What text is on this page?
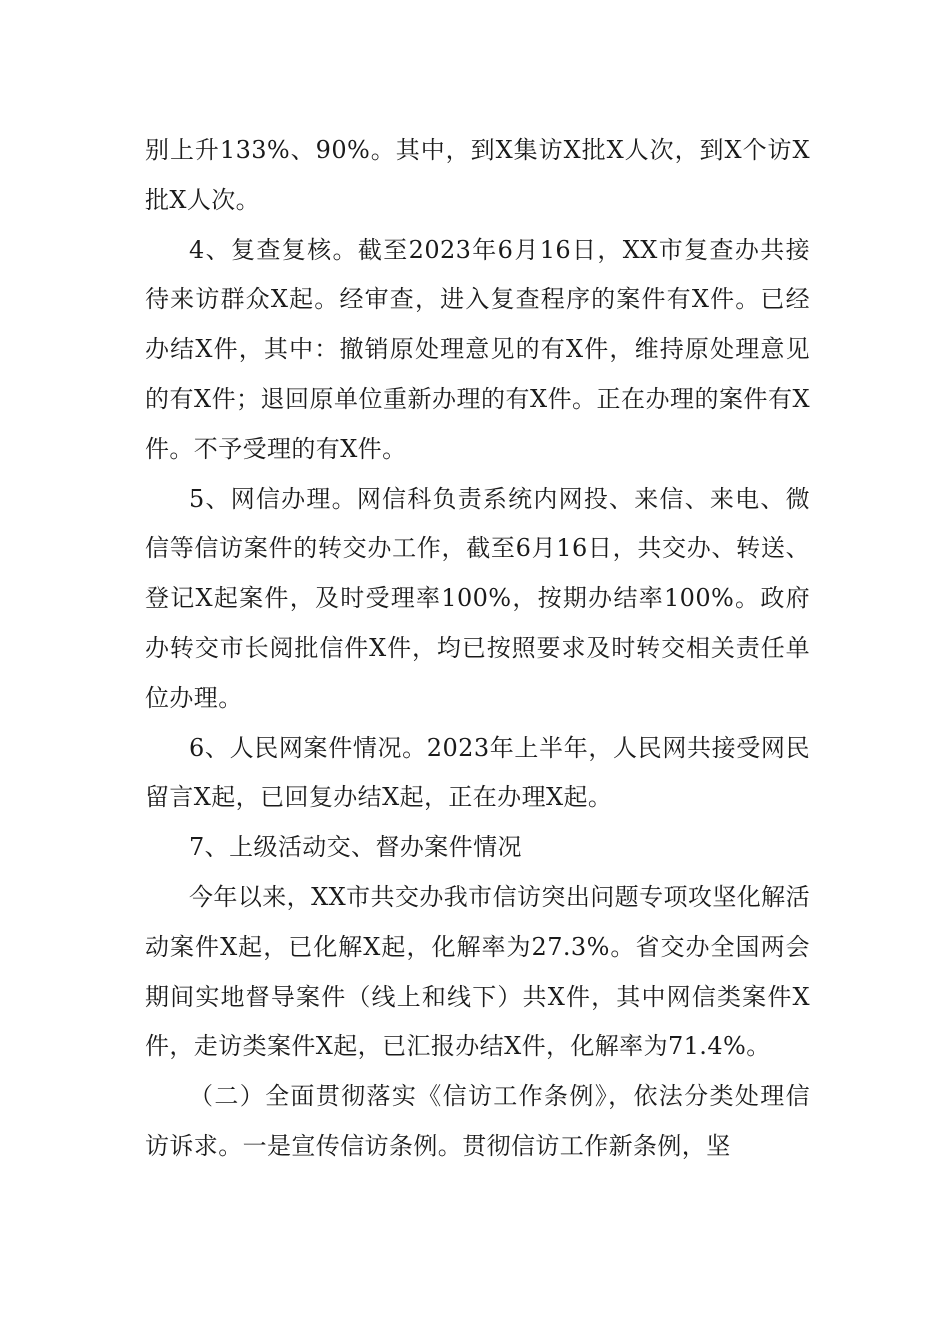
别上升133%、90%。其中，到X集访X批X人次，到X个访X批X人次。

4、复查复核。截至2023年6月16日，XX市复查办共接待来访群众X起。经审查，进入复查程序的案件有X件。已经办结X件，其中：撤销原处理意见的有X件，维持原处理意见的有X件；退回原单位重新办理的有X件。正在办理的案件有X件。不予受理的有X件。

5、网信办理。网信科负责系统内网投、来信、来电、微信等信访案件的转交办工作，截至6月16日，共交办、转送、登记X起案件，及时受理率100%，按期办结率100%。政府办转交市长阅批信件X件，均已按照要求及时转交相关责任单位办理。

6、人民网案件情况。2023年上半年，人民网共接受网民留言X起，已回复办结X起，正在办理X起。

7、上级活动交、督办案件情况

今年以来，XX市共交办我市信访突出问题专项攻坚化解活动案件X起，已化解X起，化解率为27.3%。省交办全国两会期间实地督导案件（线上和线下）共X件，其中网信类案件X件，走访类案件X起，已汇报办结X件，化解率为71.4%。

（二）全面贯彻落实《信访工作条例》，依法分类处理信访诉求。一是宣传信访条例。贯彻信访工作新条例，坚
